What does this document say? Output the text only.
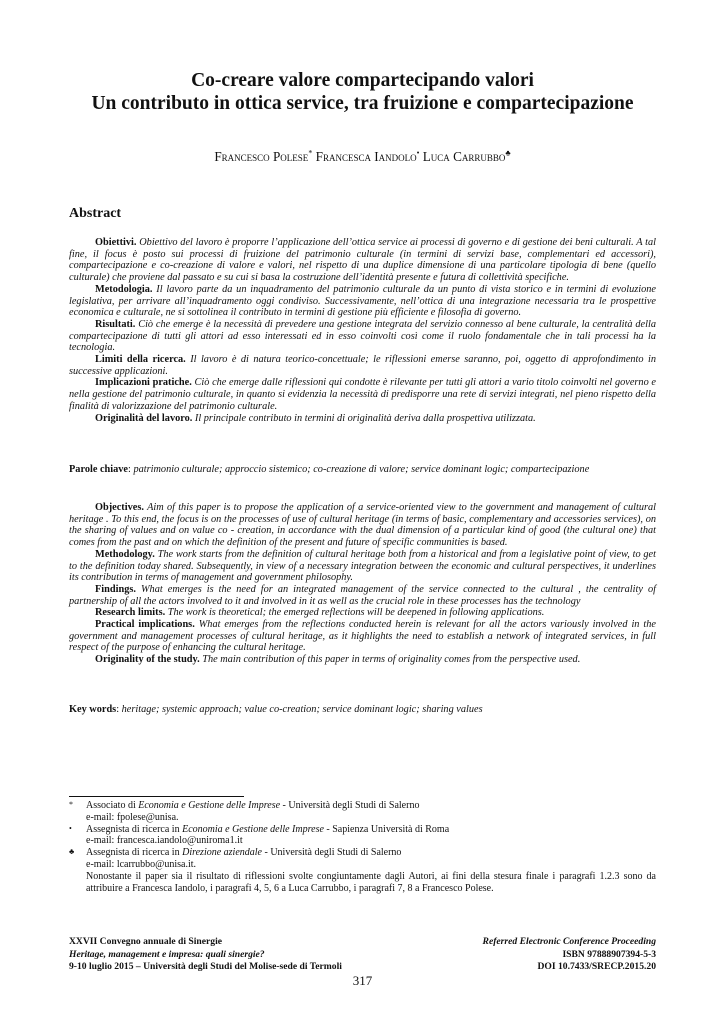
Co-creare valore compartecipando valori
Un contributo in ottica service, tra fruizione e compartecipazione
Francesco Polese* Francesca Iandolo• Luca Carrubbo♣
Abstract

Obiettivi. Obiettivo del lavoro è proporre l’applicazione dell’ottica service ai processi di governo e di gestione dei beni culturali. A tal fine, il focus è posto sui processi di fruizione del patrimonio culturale (in termini di servizi base, complementari ed accessori), compartecipazione e co-creazione di valore e valori, nel rispetto di una duplice dimensione di una particolare tipologia di bene (quello culturale) che proviene dal passato e su cui si basa la costruzione dell’identità presente e futura di collettività specifiche.

Metodologia. Il lavoro parte da un inquadramento del patrimonio culturale da un punto di vista storico e in termini di evoluzione legislativa, per arrivare all’inquadramento oggi condiviso. Successivamente, nell’ottica di una integrazione necessaria tra le prospettive economica e culturale, ne si sottolinea il contributo in termini di gestione più efficiente e filosofia di governo.

Risultati. Ciò che emerge è la necessità di prevedere una gestione integrata del servizio connesso al bene culturale, la centralità della compartecipazione di tutti gli attori ad esso interessati ed in esso coinvolti così come il ruolo fondamentale che in tali processi ha la tecnologia.

Limiti della ricerca. Il lavoro è di natura teorico-concettuale; le riflessioni emerse saranno, poi, oggetto di approfondimento in successive applicazioni.

Implicazioni pratiche. Ciò che emerge dalle riflessioni qui condotte è rilevante per tutti gli attori a vario titolo coinvolti nel governo e nella gestione del patrimonio culturale, in quanto si evidenzia la necessità di predisporre una rete di servizi integrati, nel pieno rispetto della finalità di valorizzazione del patrimonio culturale.

Originalità del lavoro. Il principale contributo in termini di originalità deriva dalla prospettiva utilizzata.

Parole chiave: patrimonio culturale; approccio sistemico; co-creazione di valore; service dominant logic; compartecipazione

Objectives. Aim of this paper is to propose the application of a service-oriented view to the government and management of cultural heritage . To this end, the focus is on the processes of use of cultural heritage (in terms of basic, complementary and accessories services), on the sharing of values and on value co - creation, in accordance with the dual dimension of a particular kind of good (the cultural one) that comes from the past and on which the definition of the present and future of specific communities is based.

Methodology. The work starts from the definition of cultural heritage both from a historical and from a legislative point of view, to get to the definition today shared. Subsequently, in view of a necessary integration between the economic and cultural perspectives, it underlines its contribution in terms of management and government philosophy.

Findings. What emerges is the need for an integrated management of the service connected to the cultural , the centrality of partnership of all the actors involved to it and involved in it as well as the crucial role in these processes has the technology

Research limits. The work is theoretical; the emerged reflections will be deepened in following applications.

Practical implications. What emerges from the reflections conducted herein is relevant for all the actors variously involved in the government and management processes of cultural heritage, as it highlights the need to establish a network of integrated services, in full respect of the purpose of enhancing the cultural heritage.

Originality of the study. The main contribution of this paper in terms of originality comes from the perspective used.

Key words: heritage; systemic approach; value co-creation; service dominant logic; sharing values
* Associato di Economia e Gestione delle Imprese - Università degli Studi di Salerno
e-mail: fpolese@unisa.
• Assegnista di ricerca in Economia e Gestione delle Imprese - Sapienza Università di Roma
e-mail: francesca.iandolo@uniroma1.it
♣ Assegnista di ricerca in Direzione aziendale - Università degli Studi di Salerno
e-mail: lcarrubbo@unisa.it.
Nonostante il paper sia il risultato di riflessioni svolte congiuntamente dagli Autori, ai fini della stesura finale i paragrafi 1.2.3 sono da attribuire a Francesca Iandolo, i paragrafi 4, 5, 6 a Luca Carrubbo, i paragrafi 7, 8 a Francesco Polese.
XXVII Convegno annuale di Sinergie
Heritage, management e impresa: quali sinergie?
9-10 luglio 2015 – Università degli Studi del Molise-sede di Termoli
Referred Electronic Conference Proceeding
ISBN 97888907394-5-3
DOI 10.7433/SRECP.2015.20
317
